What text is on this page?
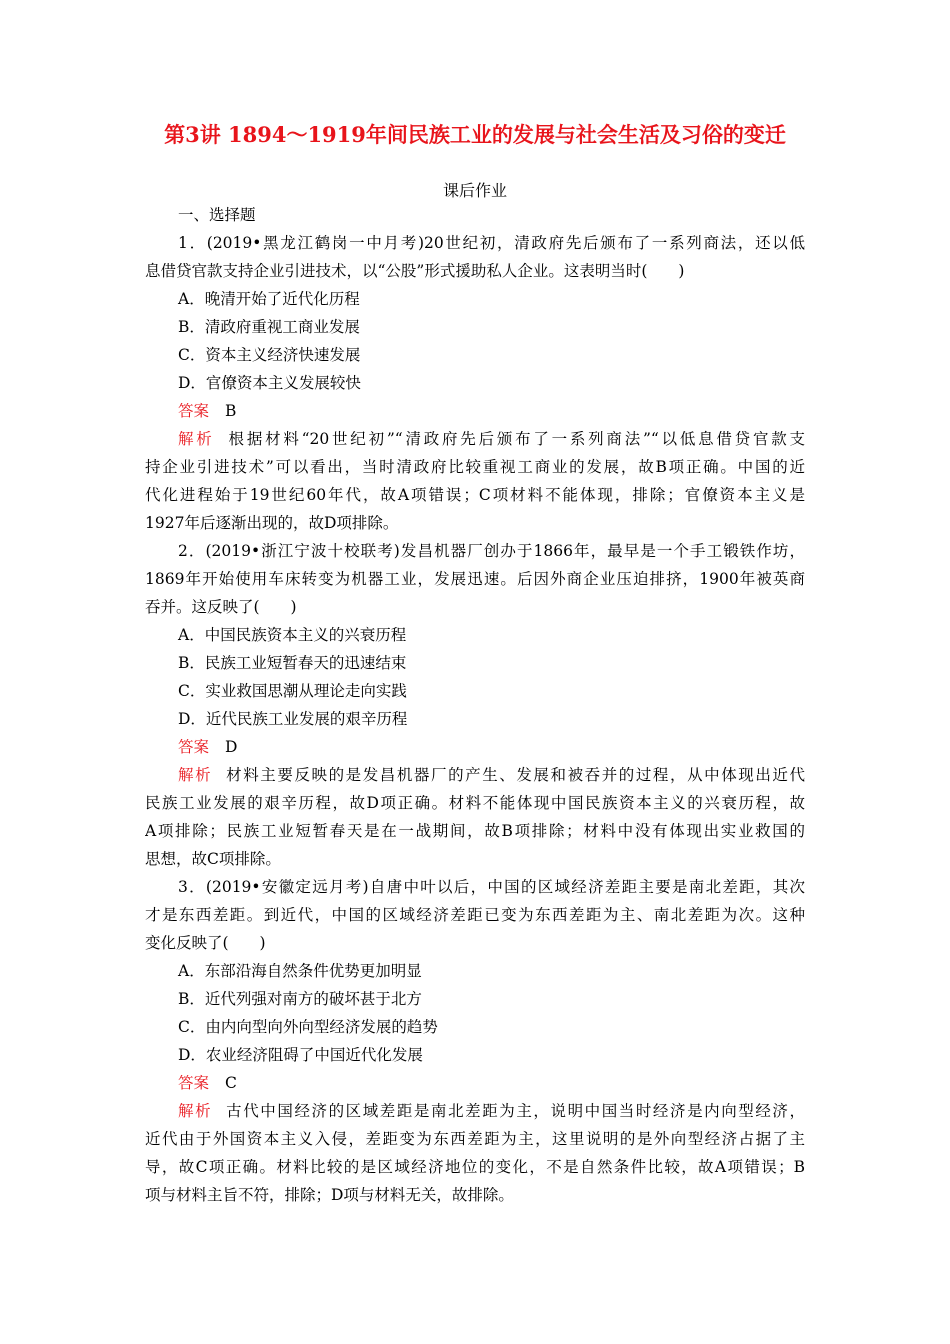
第3讲 1894～1919年间民族工业的发展与社会生活及习俗的变迁
课后作业
一、选择题
1．(2019•黑龙江鹤岗一中月考)20世纪初，清政府先后颁布了一系列商法，还以低
息借贷官款支持企业引进技术，以“公股”形式援助私人企业。这表明当时(　　)
A．晚清开始了近代化历程
B．清政府重视工商业发展
C．资本主义经济快速发展
D．官僚资本主义发展较快
答案 B
解析 根据材料“20世纪初”“清政府先后颁布了一系列商法”“以低息借贷官款支
持企业引进技术”可以看出，当时清政府比较重视工商业的发展，故B项正确。中国的近
代化进程始于19世纪60年代，故A项错误；C项材料不能体现，排除；官僚资本主义是
1927年后逐渐出现的，故D项排除。
2．(2019•浙江宁波十校联考)发昌机器厂创办于1866年，最早是一个手工锻铁作坊，
1869年开始使用车床转变为机器工业，发展迅速。后因外商企业压迫排挤，1900年被英商
吞并。这反映了(　　)
A．中国民族资本主义的兴衰历程
B．民族工业短暂春天的迅速结束
C．实业救国思潮从理论走向实践
D．近代民族工业发展的艰辛历程
答案 D
解析 材料主要反映的是发昌机器厂的产生、发展和被吞并的过程，从中体现出近代
民族工业发展的艰辛历程，故D项正确。材料不能体现中国民族资本主义的兴衰历程，故
A项排除；民族工业短暂春天是在一战期间，故B项排除；材料中没有体现出实业救国的
思想，故C项排除。
3．(2019•安徽定远月考)自唐中叶以后，中国的区域经济差距主要是南北差距，其次
才是东西差距。到近代，中国的区域经济差距已变为东西差距为主、南北差距为次。这种
变化反映了(　　)
A．东部沿海自然条件优势更加明显
B．近代列强对南方的破坏甚于北方
C．由内向型向外向型经济发展的趋势
D．农业经济阻碍了中国近代化发展
答案 C
解析 古代中国经济的区域差距是南北差距为主，说明中国当时经济是内向型经济，
近代由于外国资本主义入侵，差距变为东西差距为主，这里说明的是外向型经济占据了主
导，故C项正确。材料比较的是区域经济地位的变化，不是自然条件比较，故A项错误；B
项与材料主旨不符，排除；D项与材料无关，故排除。
